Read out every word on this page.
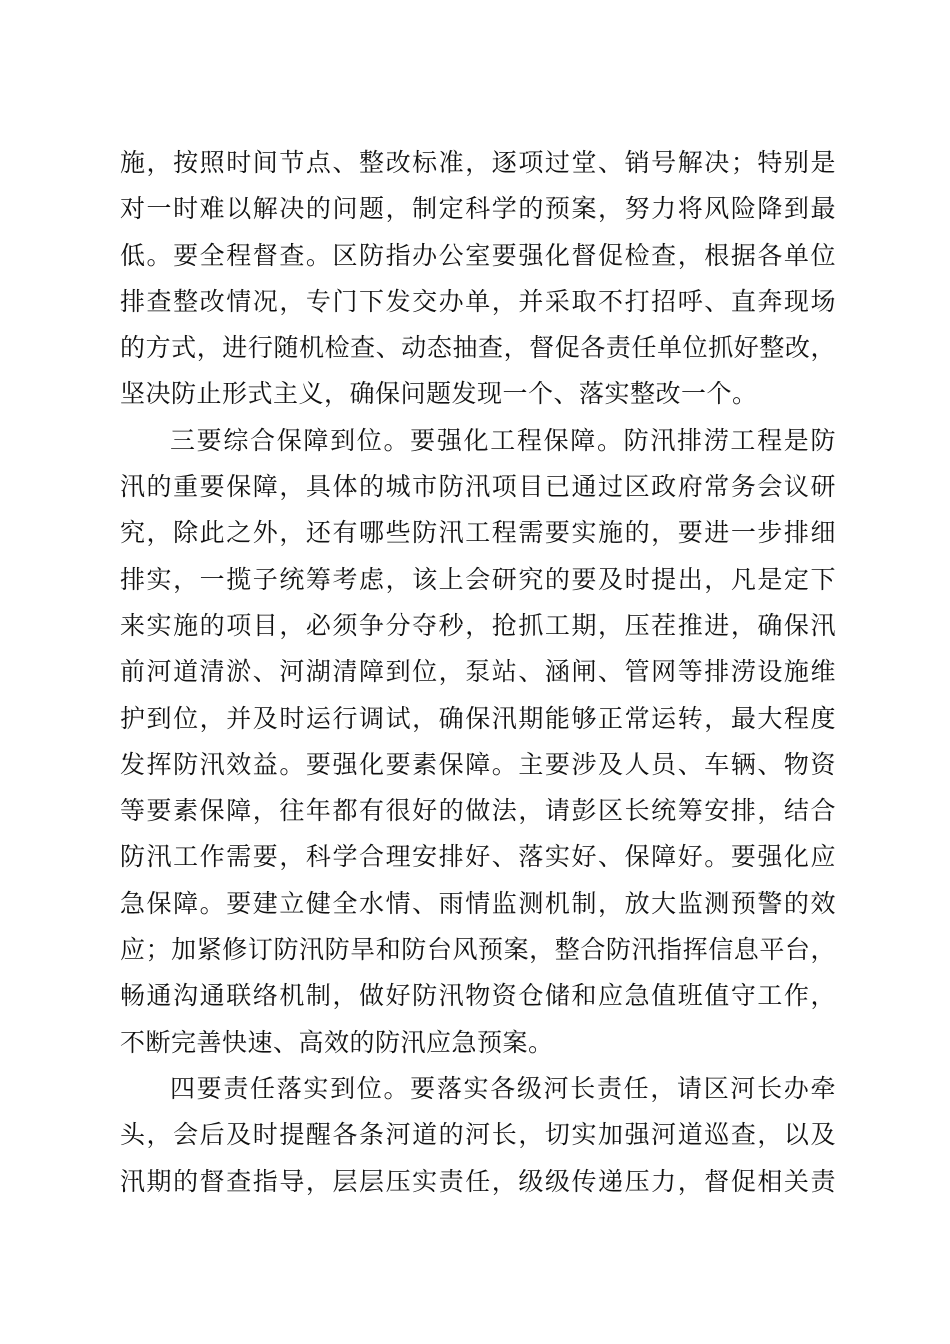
施，按照时间节点、整改标准，逐项过堂、销号解决；特别是
对一时难以解决的问题，制定科学的预案，努力将风险降到最
低。要全程督查。区防指办公室要强化督促检查，根据各单位
排查整改情况，专门下发交办单，并采取不打招呼、直奔现场
的方式，进行随机检查、动态抽查，督促各责任单位抓好整改，
坚决防止形式主义，确保问题发现一个、落实整改一个。
三要综合保障到位。要强化工程保障。防汛排涝工程是防
汛的重要保障，具体的城市防汛项目已通过区政府常务会议研
究，除此之外，还有哪些防汛工程需要实施的，要进一步排细
排实，一揽子统筹考虑，该上会研究的要及时提出，凡是定下
来实施的项目，必须争分夺秒，抢抓工期，压茬推进，确保汛
前河道清淤、河湖清障到位，泵站、涵闸、管网等排涝设施维
护到位，并及时运行调试，确保汛期能够正常运转，最大程度
发挥防汛效益。要强化要素保障。主要涉及人员、车辆、物资
等要素保障，往年都有很好的做法，请彭区长统筹安排，结合
防汛工作需要，科学合理安排好、落实好、保障好。要强化应
急保障。要建立健全水情、雨情监测机制，放大监测预警的效
应；加紧修订防汛防旱和防台风预案，整合防汛指挥信息平台，
畅通沟通联络机制，做好防汛物资仓储和应急值班值守工作，
不断完善快速、高效的防汛应急预案。
四要责任落实到位。要落实各级河长责任，请区河长办牵
头，会后及时提醒各条河道的河长，切实加强河道巡查，以及
汛期的督查指导，层层压实责任，级级传递压力，督促相关责
